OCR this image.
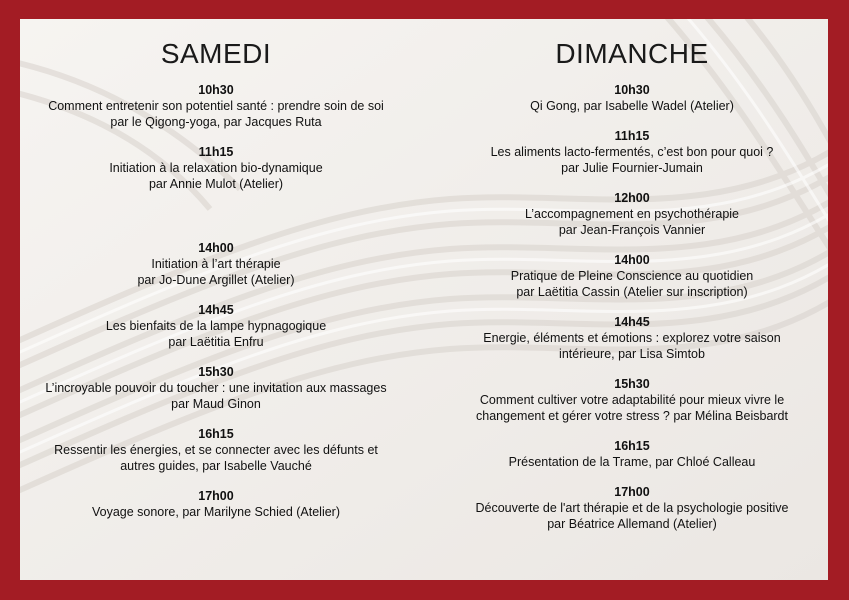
SAMEDI
10h30
Comment entretenir son potentiel santé : prendre soin de soi
par le Qigong-yoga, par Jacques Ruta
11h15
Initiation à la relaxation bio-dynamique
par Annie Mulot (Atelier)
14h00
Initiation à l’art thérapie
par Jo-Dune Argillet (Atelier)
14h45
Les bienfaits de la lampe hypnagogique
par Laëtitia Enfru
15h30
L’incroyable pouvoir du toucher : une invitation aux massages
par Maud Ginon
16h15
Ressentir les énergies, et se connecter avec les défunts et
autres guides, par Isabelle Vauché
17h00
Voyage sonore, par Marilyne Schied (Atelier)
DIMANCHE
10h30
Qi Gong, par Isabelle Wadel (Atelier)
11h15
Les aliments lacto-fermentés, c’est bon pour quoi ?
par Julie Fournier-Jumain
12h00
L’accompagnement en psychothérapie
par Jean-François Vannier
14h00
Pratique de Pleine Conscience au quotidien
par Laëtitia Cassin (Atelier sur inscription)
14h45
Energie, éléments et émotions : explorez votre saison
intérieure, par Lisa Simtob
15h30
Comment cultiver votre adaptabilité pour mieux vivre le
changement et gérer votre stress ? par Mélina Beisbardt
16h15
Présentation de la Trame, par Chloé Calleau
17h00
Découverte de l'art thérapie et de la psychologie positive
par Béatrice Allemand (Atelier)
